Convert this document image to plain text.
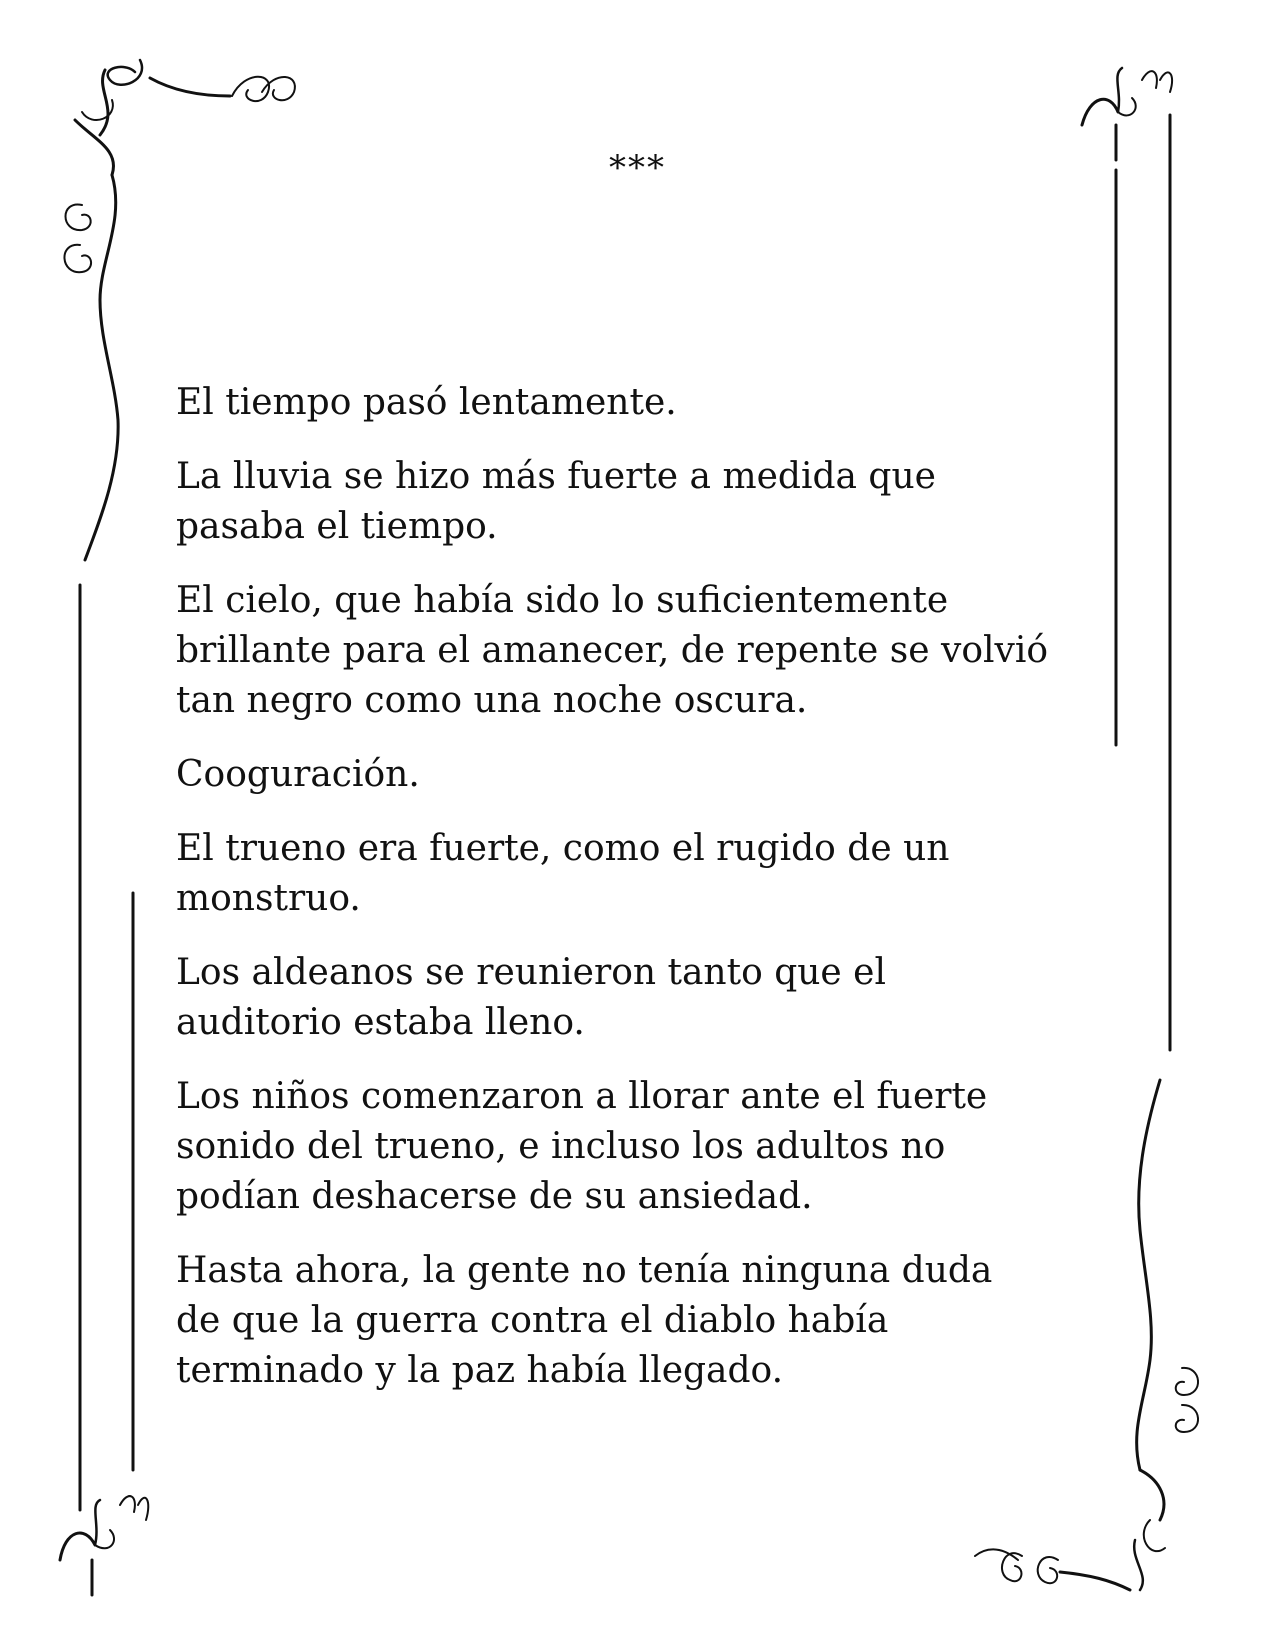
***

El tiempo pasó lentamente.

La lluvia se hizo más fuerte a medida que
pasaba el tiempo.

El cielo, que había sido lo suficientemente
brillante para el amanecer, de repente se volvió
tan negro como una noche oscura.

Cooguración.

El trueno era fuerte, como el rugido de un
monstruo.

Los aldeanos se reunieron tanto que el
auditorio estaba lleno.

Los niños comenzaron a llorar ante el fuerte
sonido del trueno, e incluso los adultos no
podían deshacerse de su ansiedad.

Hasta ahora, la gente no tenía ninguna duda
de que la guerra contra el diablo había
terminado y la paz había llegado.
